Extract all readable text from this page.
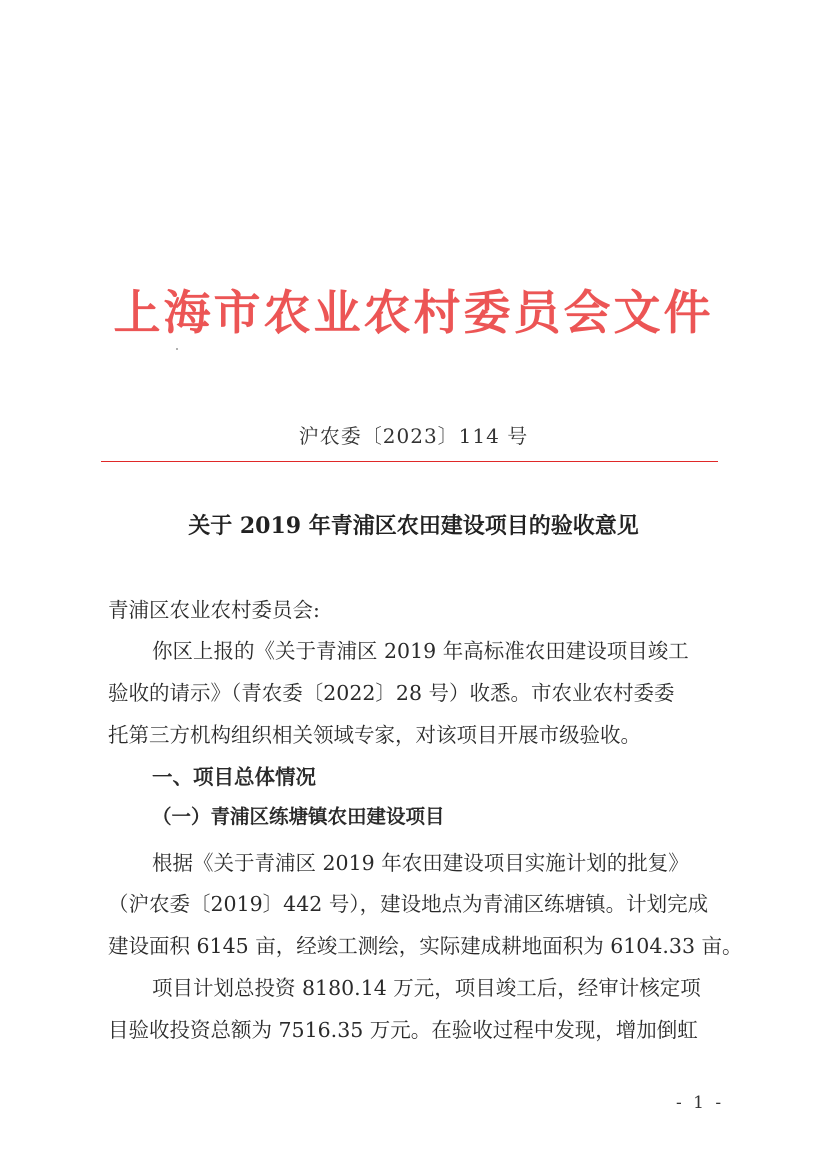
上海市农业农村委员会文件
沪农委〔2023〕114 号
关于 2019 年青浦区农田建设项目的验收意见
青浦区农业农村委员会:
你区上报的《关于青浦区 2019 年高标准农田建设项目竣工
验收的请示》（青农委〔2022〕28 号）收悉。市农业农村委委
托第三方机构组织相关领域专家，对该项目开展市级验收。
一、项目总体情况
（一）青浦区练塘镇农田建设项目
根据《关于青浦区 2019 年农田建设项目实施计划的批复》
（沪农委〔2019〕442 号），建设地点为青浦区练塘镇。计划完成
建设面积 6145 亩，经竣工测绘，实际建成耕地面积为 6104.33 亩。
项目计划总投资 8180.14 万元，项目竣工后，经审计核定项
目验收投资总额为 7516.35 万元。在验收过程中发现，增加倒虹
- 1 -
